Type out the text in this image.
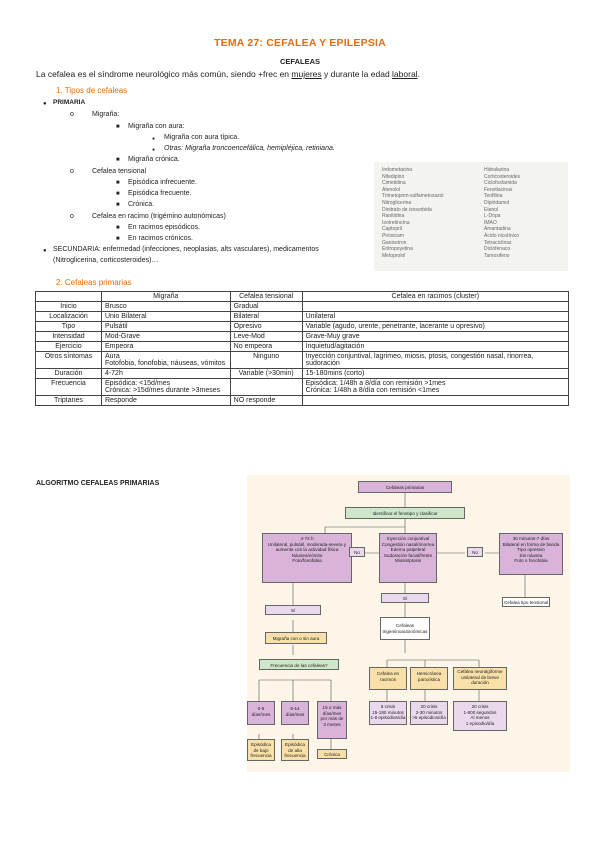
TEMA 27: CEFALEA Y EPILEPSIA
CEFALEAS
La cefalea es el síndrome neurológico más común, siendo +frec en mujeres y durante la edad laboral.
1. Tipos de cefaleas
● PRIMARIA
o Migraña:
■ Migraña con aura:
● Migraña con aura típica.
● Otras: Migraña troncoencefálica, hemipléjica, retiniana.
■ Migraña crónica.
o Cefalea tensional
■ Episódica infrecuente.
■ Episódica frecuente.
■ Crónica.
o Cefalea en racimo (trigémino autonómicas)
■ En racimos episódicos.
■ En racimos crónicos.
● SECUNDARIA: enfermedad (infecciones, neoplasias, alts vasculares), medicamentos
(Nitroglicerina, corticosteroides)…
Indometacina
Nifedipino
Cimetidina
Atenolol
Trimetoprim-sulfametoxazol
Nitroglicerina
Dinitrato de isosorbida
Ranitidina
Isotretinoína
Captopril
Piroxicam
Ganisetron
Eritropoyetina
Metoprolol
Hidralazina
Corticosteroides
Ciclofosfamida
Fenotiacinas
Teofilina
Dipiridamol
Etanol
L-Dopa
IMAO
Amantadina
Ácido nicotínico
Tetraciclinas
Diclofenaco
Tamoxifeno
2. Cefaleas primarias
	Migraña	Cefalea tensional	Cefalea en racimos (cluster)
Inicio	Brusco	Gradual	
Localización	Unio Bilateral	Bilateral	Unilateral
Tipo	Pulsátil	Opresivo	Variable (agudo, urente, penetrante, lacerante u opresivo)
Intensidad	Mod-Grave	Leve-Mod	Grave-Muy grave
Ejercicio	Empeora	No empeora	Inquietud/agitación
Otros síntomas	Aura
Fotofobia, fonofobia, náuseas, vómitos	Ninguno	Inyección conjuntival, lagrimeo, miosis, ptosis, congestión nasal, rinorrea, sudoración
Duración	4-72h	Variable (>30min)	15-180mins (corto)
Frecuencia	Episódica: <15d/mes
Crónica: >15d/mes durante >3meses		Episódica: 1/48h a 8/día con remisión >1mes
Crónica: 1/48h a 8/día con remisión <1mes
Triptanes	Responde	NO responde	
ALGORITMO CEFALEAS PRIMARIAS
Cefaleas primarias
Identificar el fenotipo y clasificar
4-72 h
Unilateral, pulsátil, moderada-severa y aumenta con la actividad física
Náusea/vómito
Foto/fonofobia
Inyección conjuntival
Congestión nasal/rinorrea
Edema palpebral
Sudoración facial/frente
Miosis/ptosis
30 minutos-7 días
Bilateral en forma de banda
Tipo opresivo
Sin náusea
Foto o fonofobia
No	No
Sí
Sí
Cefalea tipo tensional
Migraña con o sin aura
Frecuencia de las cefaleas?
Cefaleas trigeminoautonómicas
Cefalea en racimos
Hemicránea paroxística
Cefalea neuralgiforme unilateral de breve duración
5 crisis
15-180 minutos
1-8 episodios/día
20 crisis
2-30 minutos
>5 episodios/día
20 crisis
1-600 segundos
Al menos
1 episodio/día
0-5
días/mes
6-14
días/mes
15 o más
días/mes
por más de
3 meses
Episódica
de bajo
frecuencia
Episódica
de alta
frecuencia	Crónica
